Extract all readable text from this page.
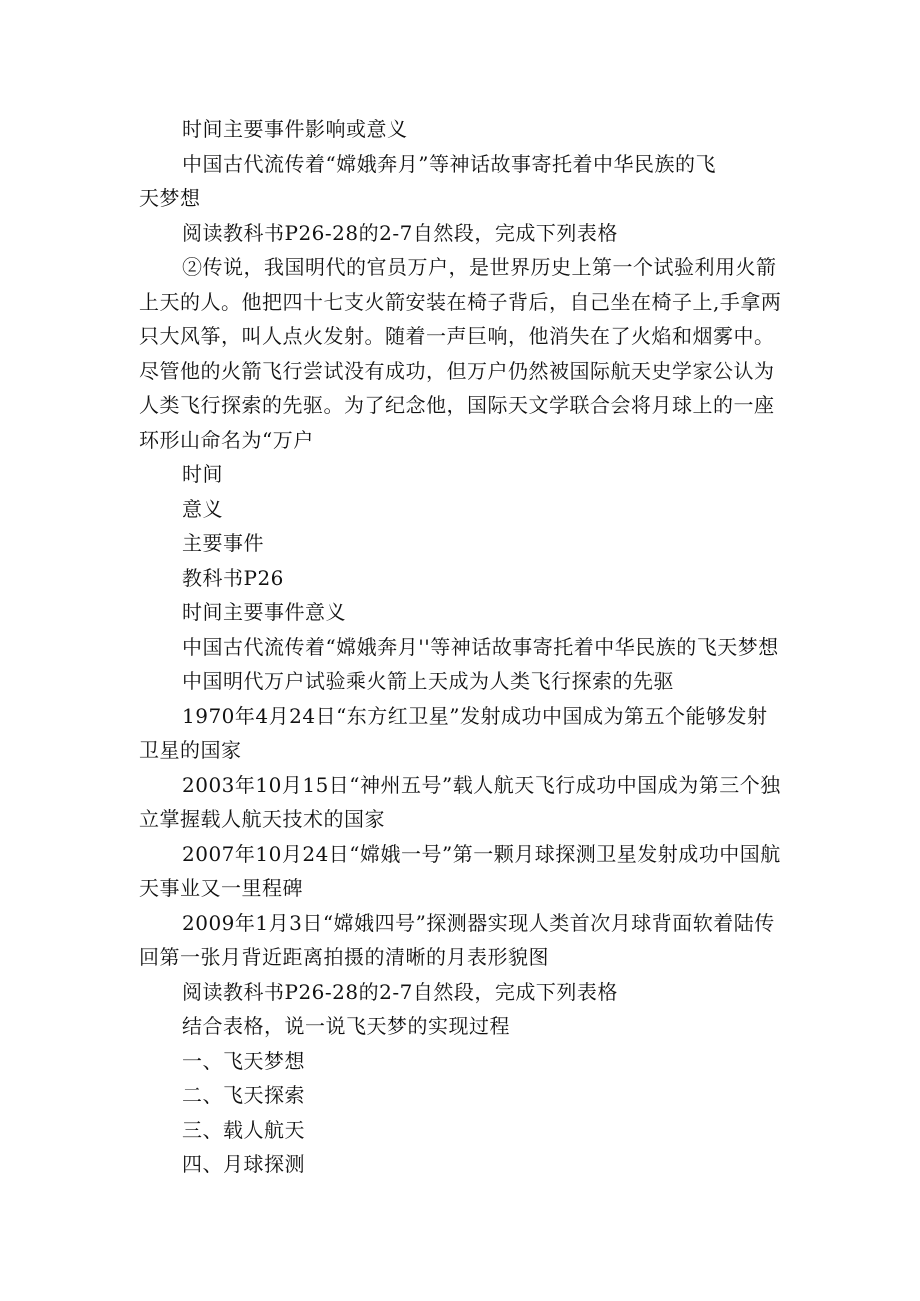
时间主要事件影响或意义

中国古代流传着“嫦娥奔月”等神话故事寄托着中华民族的飞

天梦想

阅读教科书P26-28的2-7自然段，完成下列表格

②传说，我国明代的官员万户，是世界历史上第一个试验利用火箭上天的人。他把四十七支火箭安装在椅子背后，自己坐在椅子上,手拿两只大风筝，叫人点火发射。随着一声巨响，他消失在了火焰和烟雾中。尽管他的火箭飞行尝试没有成功，但万户仍然被国际航天史学家公认为人类飞行探索的先驱。为了纪念他，国际天文学联合会将月球上的一座环形山命名为“万户

时间

意义

主要事件

教科书P26

时间主要事件意义

中国古代流传着“嫦娥奔月''等神话故事寄托着中华民族的飞天梦想

中国明代万户试验乘火箭上天成为人类飞行探索的先驱

1970年4月24日“东方红卫星”发射成功中国成为第五个能够发射卫星的国家

2003年10月15日“神州五号”载人航天飞行成功中国成为第三个独立掌握载人航天技术的国家

2007年10月24日“嫦娥一号”第一颗月球探测卫星发射成功中国航天事业又一里程碑

2009年1月3日“嫦娥四号”探测器实现人类首次月球背面软着陆传回第一张月背近距离拍摄的清晰的月表形貌图

阅读教科书P26-28的2-7自然段，完成下列表格

结合表格，说一说飞天梦的实现过程

一、飞天梦想

二、飞天探索

三、载人航天

四、月球探测
